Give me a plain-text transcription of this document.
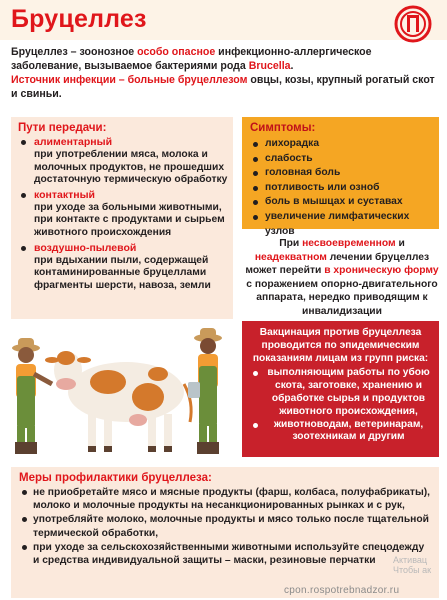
Бруцеллез

Бруцеллез – зоонозное особо опасное инфекционно-аллергическое заболевание, вызываемое бактериями рода Brucella.

Источник инфекции – больные бруцеллезом овцы, козы, крупный рогатый скот и свиньи.

Пути передачи:
алиментарный
при употреблении мяса, молока и молочных продуктов, не прошедших достаточную термическую обработку
контактный
при уходе за больными животными, при контакте с продуктами и сырьем животного происхождения
воздушно-пылевой
при вдыхании пыли, содержащей контаминированные бруцеллами фрагменты шерсти, навоза, земли
Симптомы:
лихорадка
слабость
головная боль
потливость или озноб
боль в мышцах и суставах
увеличение лимфатических узлов
При несвоевременном и неадекватном лечении бруцеллез может перейти в хроническую форму с поражением опорно-двигательного аппарата, нередко приводящим к инвалидизации
Вакцинация против бруцеллеза проводится по эпидемическим показаниям лицам из групп риска:
выполняющим работы по убою скота, заготовке, хранению и обработке сырья и продуктов животного происхождения,
животноводам, ветеринарам, зоотехникам и другим
Меры профилактики бруцеллеза:
не приобретайте мясо и мясные продукты (фарш, колбаса, полуфабрикаты), молоко и молочные продукты на несанкционированных рынках и с рук,
употребляйте молоко, молочные продукты и мясо только после тщательной термической обработки,
при уходе за сельскохозяйственными животными используйте спецодежду и средства индивидуальной защиты – маски, резиновые перчатки	Активац
Чтобы ак
cpon.rospotrebnadzor.ru
